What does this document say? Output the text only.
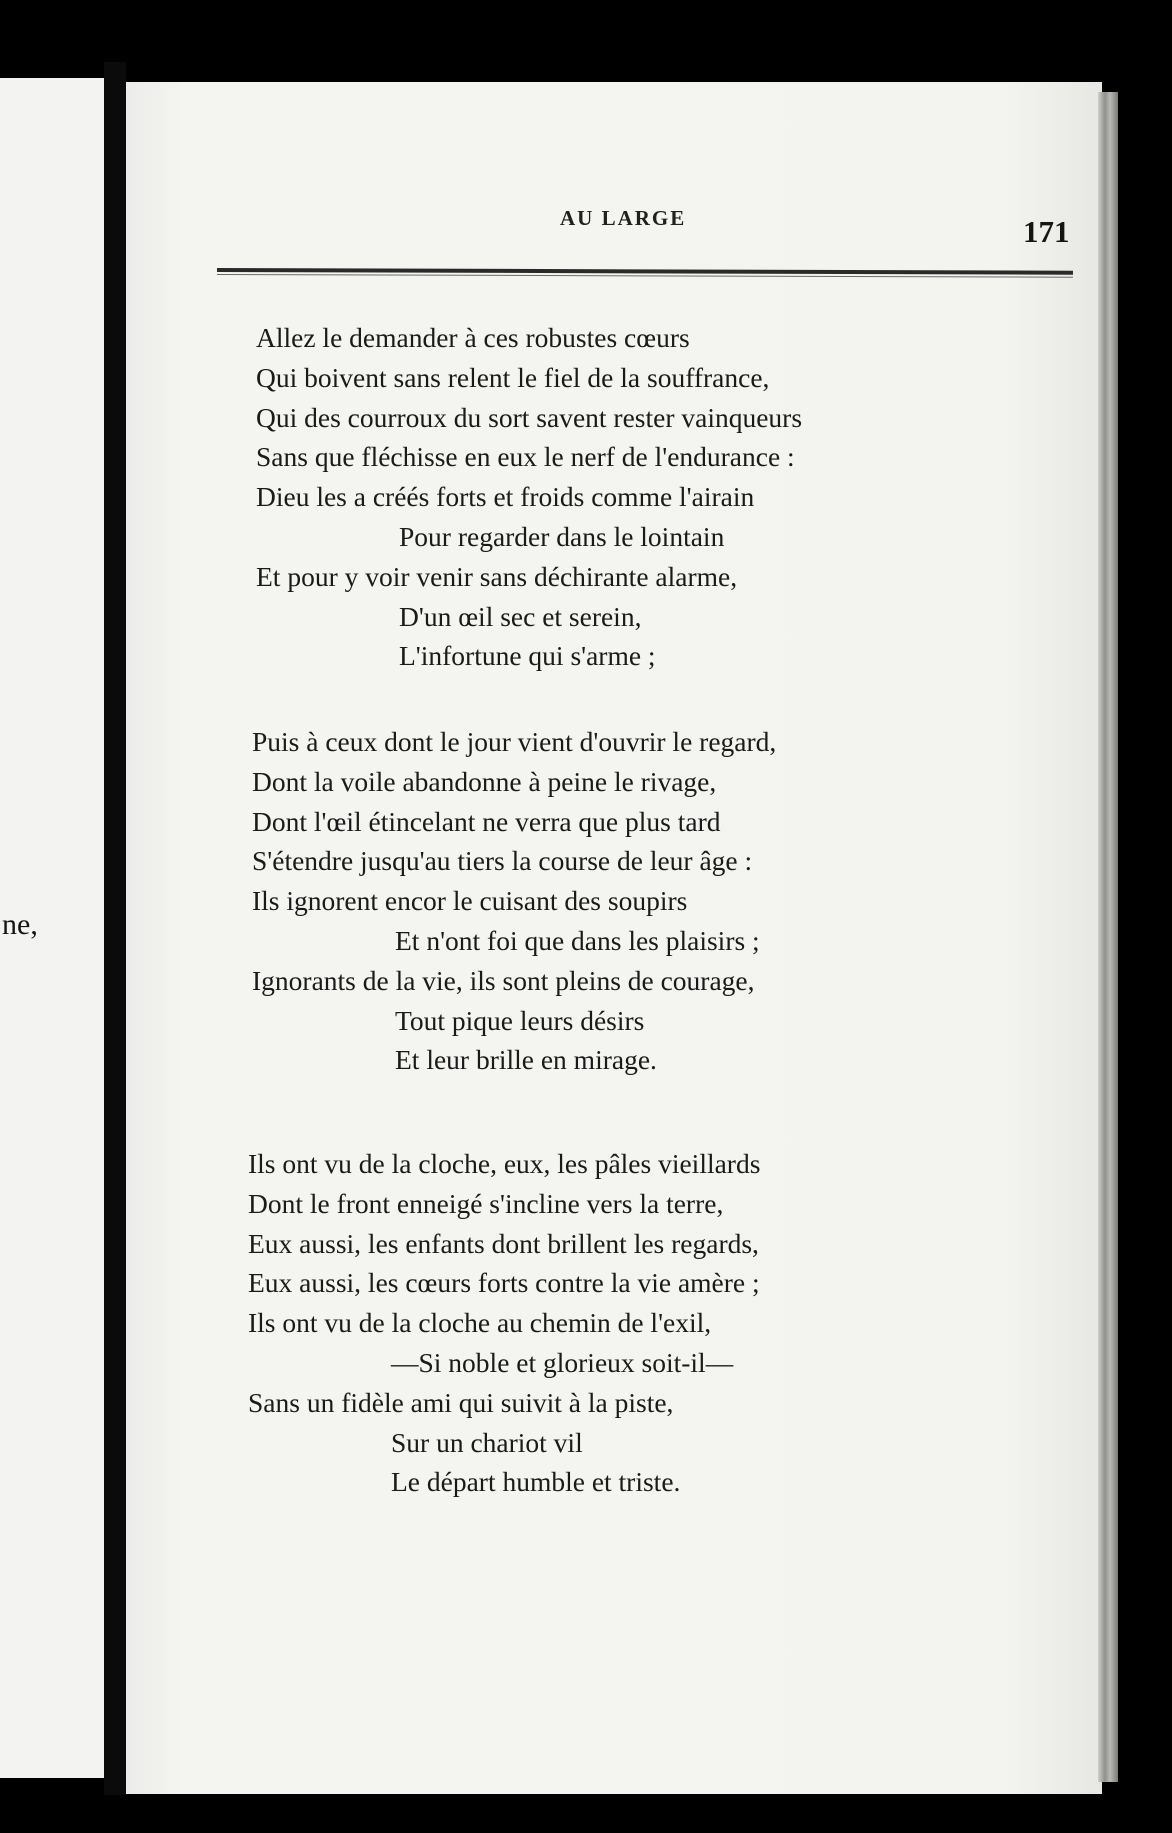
ne,
AU LARGE	171
Allez le demander à ces robustes cœurs
Qui boivent sans relent le fiel de la souffrance,
Qui des courroux du sort savent rester vainqueurs
Sans que fléchisse en eux le nerf de l'endurance :
Dieu les a créés forts et froids comme l'airain
Pour regarder dans le lointain
Et pour y voir venir sans déchirante alarme,
D'un œil sec et serein,
L'infortune qui s'arme ;
Puis à ceux dont le jour vient d'ouvrir le regard,
Dont la voile abandonne à peine le rivage,
Dont l'œil étincelant ne verra que plus tard
S'étendre jusqu'au tiers la course de leur âge :
Ils ignorent encor le cuisant des soupirs
Et n'ont foi que dans les plaisirs ;
Ignorants de la vie, ils sont pleins de courage,
Tout pique leurs désirs
Et leur brille en mirage.
Ils ont vu de la cloche, eux, les pâles vieillards
Dont le front enneigé s'incline vers la terre,
Eux aussi, les enfants dont brillent les regards,
Eux aussi, les cœurs forts contre la vie amère ;
Ils ont vu de la cloche au chemin de l'exil,
—Si noble et glorieux soit-il—
Sans un fidèle ami qui suivit à la piste,
Sur un chariot vil
Le départ humble et triste.
